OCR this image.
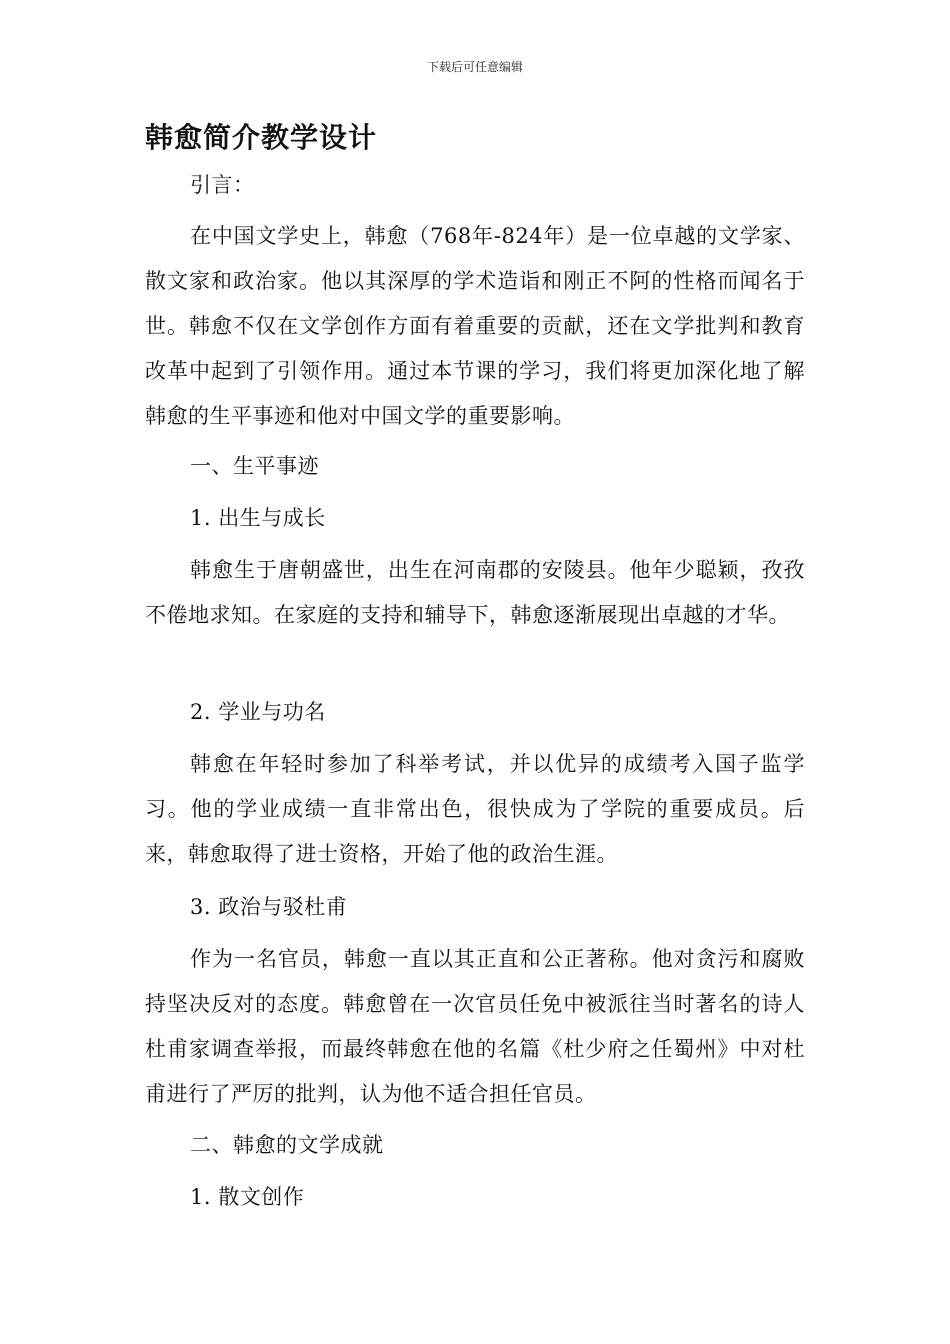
下载后可任意编辑
韩愈简介教学设计

引言：

在中国文学史上，韩愈（768年-824年）是一位卓越的文学家、散文家和政治家。他以其深厚的学术造诣和刚正不阿的性格而闻名于世。韩愈不仅在文学创作方面有着重要的贡献，还在文学批判和教育改革中起到了引领作用。通过本节课的学习，我们将更加深化地了解韩愈的生平事迹和他对中国文学的重要影响。

一、生平事迹

1. 出生与成长

韩愈生于唐朝盛世，出生在河南郡的安陵县。他年少聪颖，孜孜不倦地求知。在家庭的支持和辅导下，韩愈逐渐展现出卓越的才华。

2. 学业与功名

韩愈在年轻时参加了科举考试，并以优异的成绩考入国子监学习。他的学业成绩一直非常出色，很快成为了学院的重要成员。后来，韩愈取得了进士资格，开始了他的政治生涯。

3. 政治与驳杜甫

作为一名官员，韩愈一直以其正直和公正著称。他对贪污和腐败持坚决反对的态度。韩愈曾在一次官员任免中被派往当时著名的诗人杜甫家调查举报，而最终韩愈在他的名篇《杜少府之任蜀州》中对杜甫进行了严厉的批判，认为他不适合担任官员。

二、韩愈的文学成就

1. 散文创作
